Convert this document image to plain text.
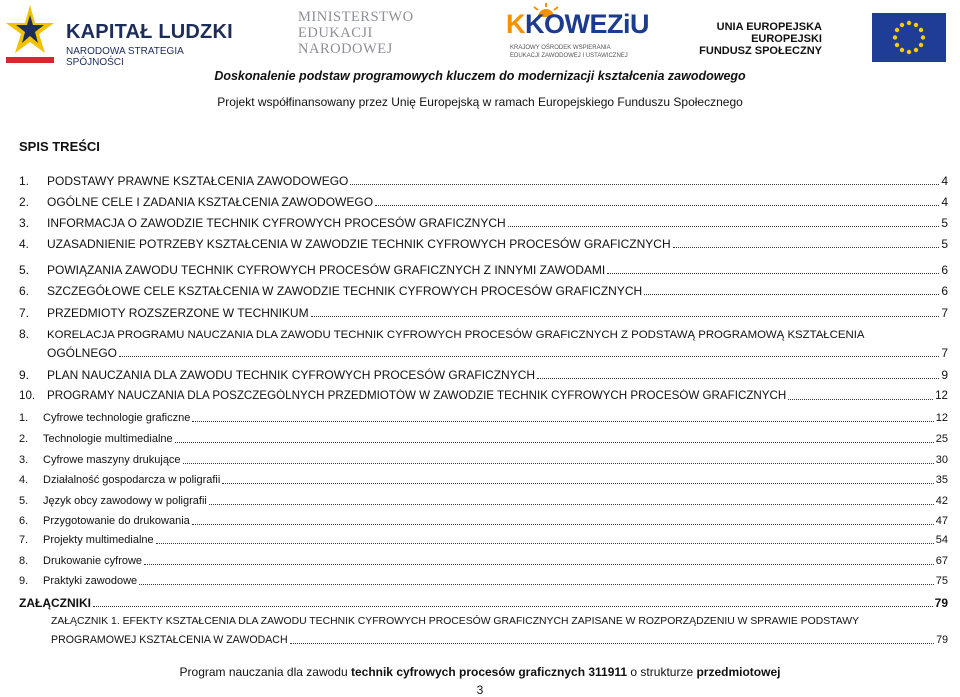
KAPITAŁ LUDZKI
NARODOWA STRATEGIA SPÓJNOŚCI
MINISTERSTWO
EDUKACJI
NARODOWEJ
KKOWEZiU
KRAJOWY OŚRODEK WSPIERANIA
EDUKACJI ZAWODOWEJ I USTAWICZNEJ
UNIA EUROPEJSKA
EUROPEJSKI
FUNDUSZ SPOŁECZNY
Doskonalenie podstaw programowych kluczem do modernizacji kształcenia zawodowego
Projekt współfinansowany przez Unię Europejską w ramach Europejskiego Funduszu Społecznego
SPIS TREŚCI
1.	PODSTAWY PRAWNE KSZTAŁCENIA ZAWODOWEGO	4
2.	OGÓLNE CELE I ZADANIA KSZTAŁCENIA ZAWODOWEGO	4
3.	INFORMACJA O ZAWODZIE TECHNIK CYFROWYCH PROCESÓW GRAFICZNYCH	5
4.	UZASADNIENIE POTRZEBY KSZTAŁCENIA W ZAWODZIE TECHNIK CYFROWYCH PROCESÓW GRAFICZNYCH	5
5.	POWIĄZANIA ZAWODU TECHNIK CYFROWYCH PROCESÓW GRAFICZNYCH Z INNYMI ZAWODAMI	6
6.	SZCZEGÓŁOWE CELE KSZTAŁCENIA W ZAWODZIE TECHNIK CYFROWYCH PROCESÓW GRAFICZNYCH	6
7.	PRZEDMIOTY ROZSZERZONE W TECHNIKUM	7
8. KORELACJA PROGRAMU NAUCZANIA DLA ZAWODU TECHNIK CYFROWYCH PROCESÓW GRAFICZNYCH Z PODSTAWĄ PROGRAMOWĄ KSZTAŁCENIA
OGÓLNEGO	7
9.	PLAN NAUCZANIA DLA ZAWODU TECHNIK CYFROWYCH PROCESÓW GRAFICZNYCH	9
10.	PROGRAMY NAUCZANIA DLA POSZCZEGÓLNYCH PRZEDMIOTÓW W ZAWODZIE TECHNIK CYFROWYCH PROCESÓW GRAFICZNYCH	12
1.	Cyfrowe technologie graficzne	12
2.	Technologie multimedialne	25
3.	Cyfrowe maszyny drukujące	30
4.	Działalność gospodarcza w poligrafii	35
5.	Język obcy zawodowy w poligrafii	42
6.	Przygotowanie do drukowania	47
7.	Projekty multimedialne	54
8.	Drukowanie cyfrowe	67
9.	Praktyki zawodowe	75
ZAŁĄCZNIKI	79
ZAŁĄCZNIK 1. EFEKTY KSZTAŁCENIA DLA ZAWODU TECHNIK CYFROWYCH PROCESÓW GRAFICZNYCH ZAPISANE W ROZPORZĄDZENIU W SPRAWIE PODSTAWY
PROGRAMOWEJ KSZTAŁCENIA W ZAWODACH	79
Program nauczania dla zawodu technik cyfrowych procesów graficznych 311911 o strukturze przedmiotowej
3
